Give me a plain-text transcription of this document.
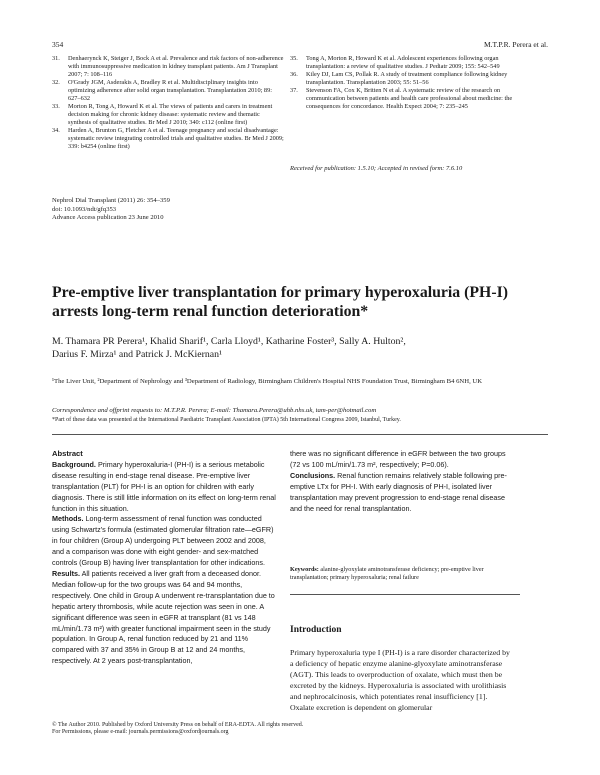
354	M.T.P.R. Perera et al.
31.	Denhaerynck K, Steiger J, Bock A et al. Prevalence and risk factors of non-adherence with immunosuppressive medication in kidney transplant patients. Am J Transplant 2007; 7: 108–116
32.	O'Grady JGM, Asderakis A, Bradley R et al. Multidisciplinary insights into optimizing adherence after solid organ transplantation. Transplantation 2010; 89: 627–632
33.	Morton R, Tong A, Howard K et al. The views of patients and carers in treatment decision making for chronic kidney disease: systematic review and thematic synthesis of qualitative studies. Br Med J 2010; 340: c112 (online first)
34.	Harden A, Brunton G, Fletcher A et al. Teenage pregnancy and social disadvantage: systematic review integrating controlled trials and qualitative studies. Br Med J 2009; 339: b4254 (online first)
35.	Tong A, Morton R, Howard K et al. Adolescent experiences following organ transplantation: a review of qualitative studies. J Pediatr 2009; 155: 542–549
36.	Kiley DJ, Lam CS, Pollak R. A study of treatment compliance following kidney transplantation. Transplantation 2003; 55: 51–56
37.	Stevenson FA, Cox K, Britten N et al. A systematic review of the research on communication between patients and health care professional about medicine: the consequences for concordance. Health Expect 2004; 7: 235–245
Received for publication: 1.5.10; Accepted in revised form: 7.6.10
Nephrol Dial Transplant (2011) 26: 354–359
doi: 10.1093/ndt/gfq353
Advance Access publication 23 June 2010
Pre-emptive liver transplantation for primary hyperoxaluria (PH-I) arrests long-term renal function deterioration*
M. Thamara PR Perera¹, Khalid Sharif¹, Carla Lloyd¹, Katharine Foster³, Sally A. Hulton²,
Darius F. Mirza¹ and Patrick J. McKiernan¹
¹The Liver Unit, ²Department of Nephrology and ³Department of Radiology, Birmingham Children's Hospital NHS Foundation Trust, Birmingham B4 6NH, UK
Correspondence and offprint requests to: M.T.P.R. Perera; E-mail: Thamara.Perera@uhb.nhs.uk, tam-per@hotmail.com
*Part of these data was presented at the International Paediatric Transplant Association (IPTA) 5th International Congress 2009, Istanbul, Turkey.

Abstract

Background. Primary hyperoxaluria-I (PH-I) is a serious metabolic disease resulting in end-stage renal disease. Pre-emptive liver transplantation (PLT) for PH-I is an option for children with early diagnosis. There is still little information on its effect on long-term renal function in this situation.

Methods. Long-term assessment of renal function was conducted using Schwartz's formula (estimated glomerular filtration rate—eGFR) in four children (Group A) undergoing PLT between 2002 and 2008, and a comparison was done with eight gender- and sex-matched controls (Group B) having liver transplantation for other indications.

Results. All patients received a liver graft from a deceased donor. Median follow-up for the two groups was 64 and 94 months, respectively. One child in Group A underwent re-transplantation due to hepatic artery thrombosis, while acute rejection was seen in one. A significant difference was seen in eGFR at transplant (81 vs 148 mL/min/1.73 m²) with greater functional impairment seen in the study population. In Group A, renal function reduced by 21 and 11% compared with 37 and 35% in Group B at 12 and 24 months, respectively. At 2 years post-transplantation,

there was no significant difference in eGFR between the two groups (72 vs 100 mL/min/1.73 m², respectively; P=0.06).

Conclusions. Renal function remains relatively stable following pre-emptive LTx for PH-I. With early diagnosis of PH-I, isolated liver transplantation may prevent progression to end-stage renal disease and the need for renal transplantation.

Keywords: alanine-glyoxylate aminotransferase deficiency; pre-emptive liver transplantation; primary hyperoxaluria; renal failure
Introduction
Primary hyperoxaluria type I (PH-I) is a rare disorder characterized by a deficiency of hepatic enzyme alanine-glyoxylate aminotransferase (AGT). This leads to overproduction of oxalate, which must then be excreted by the kidneys. Hyperoxaluria is associated with urolithiasis and nephrocalcinosis, which potentiates renal insufficiency [1]. Oxalate excretion is dependent on glomerular
© The Author 2010. Published by Oxford University Press on behalf of ERA-EDTA. All rights reserved.
For Permissions, please e-mail: journals.permissions@oxfordjournals.org
